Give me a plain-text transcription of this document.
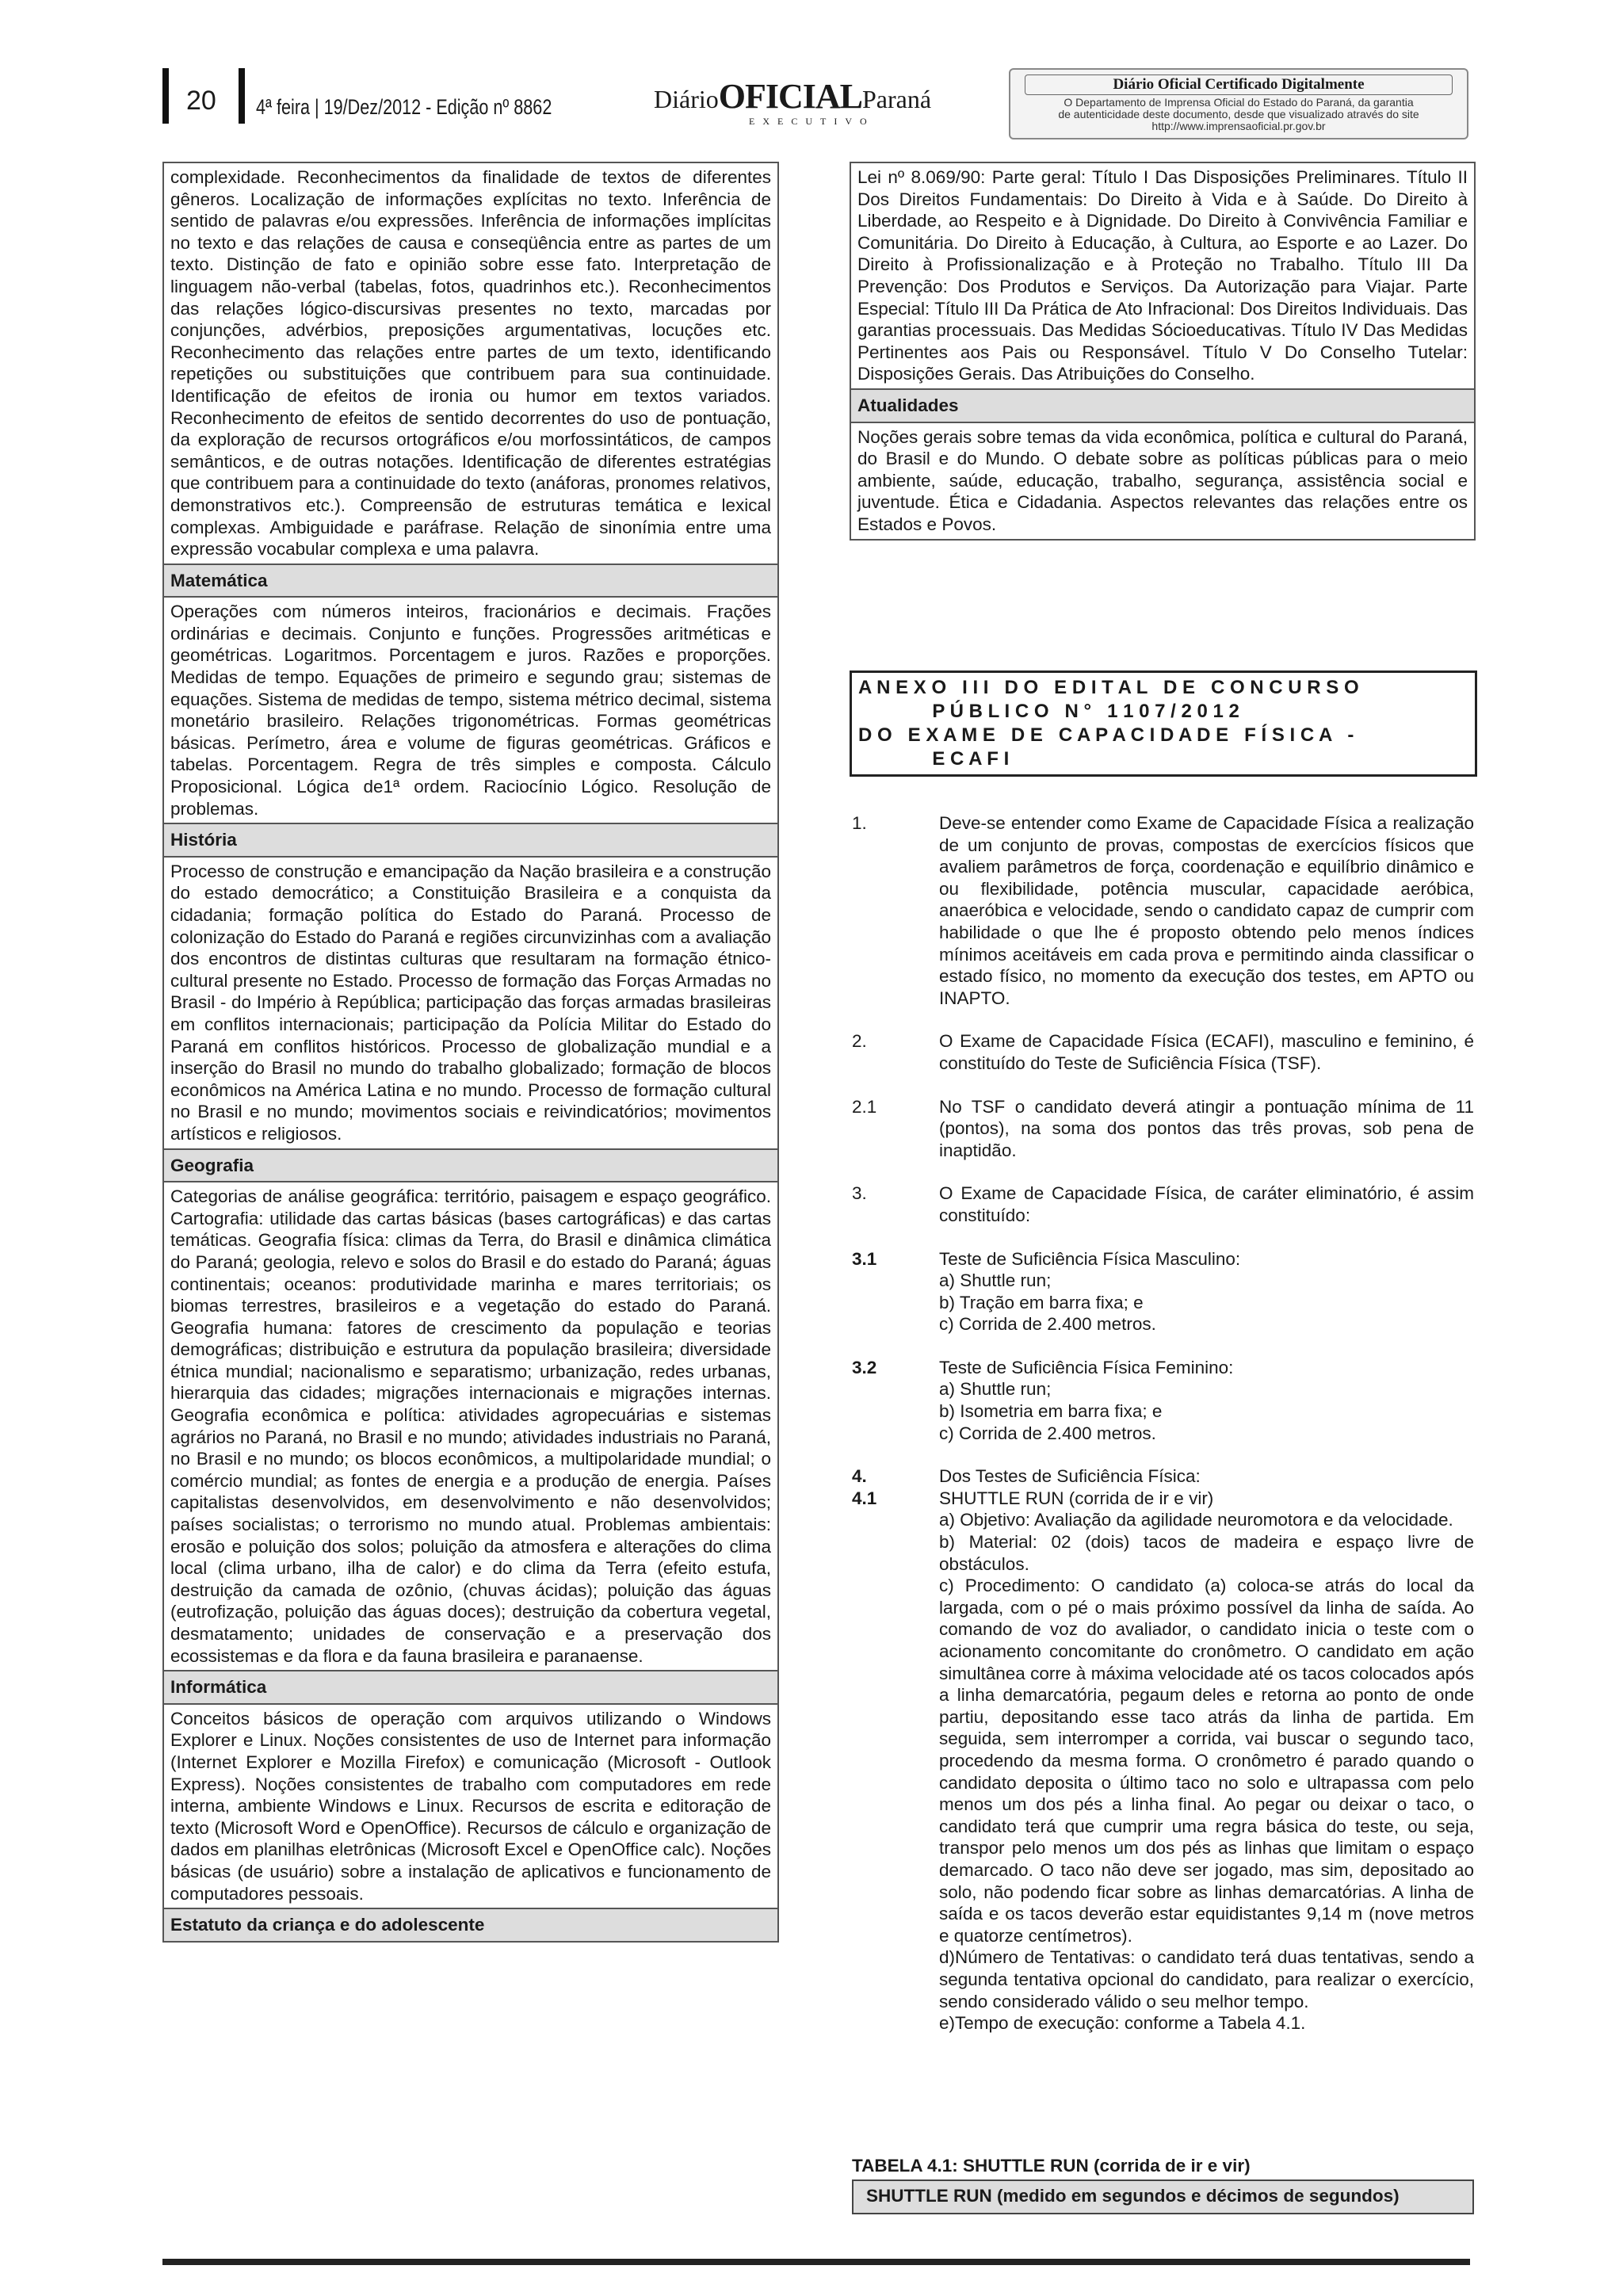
20 4ª feira | 19/Dez/2012 - Edição nº 8862	DiárioOFICIALParaná
EXECUTIVO
Diário Oficial Certificado Digitalmente
O Departamento de Imprensa Oficial do Estado do Paraná, da garantia
de autenticidade deste documento, desde que visualizado através do site
http://www.imprensaoficial.pr.gov.br
complexidade. Reconhecimentos da finalidade de textos de diferentes gêneros. Localização de informações explícitas no texto. Inferência de sentido de palavras e/ou expressões. Inferência de informações implícitas no texto e das relações de causa e conseqüência entre as partes de um texto. Distinção de fato e opinião sobre esse fato. Interpretação de linguagem não-verbal (tabelas, fotos, quadrinhos etc.). Reconhecimentos das relações lógico-discursivas presentes no texto, marcadas por conjunções, advérbios, preposições argumentativas, locuções etc. Reconhecimento das relações entre partes de um texto, identificando repetições ou substituições que contribuem para sua continuidade. Identificação de efeitos de ironia ou humor em textos variados. Reconhecimento de efeitos de sentido decorrentes do uso de pontuação, da exploração de recursos ortográficos e/ou morfossintáticos, de campos semânticos, e de outras notações. Identificação de diferentes estratégias que contribuem para a continuidade do texto (anáforas, pronomes relativos, demonstrativos etc.). Compreensão de estruturas temática e lexical complexas. Ambiguidade e paráfrase. Relação de sinonímia entre uma expressão vocabular complexa e uma palavra.
Matemática
Operações com números inteiros, fracionários e decimais. Frações ordinárias e decimais. Conjunto e funções. Progressões aritméticas e geométricas. Logaritmos. Porcentagem e juros. Razões e proporções. Medidas de tempo. Equações de primeiro e segundo grau; sistemas de equações. Sistema de medidas de tempo, sistema métrico decimal, sistema monetário brasileiro. Relações trigonométricas. Formas geométricas básicas. Perímetro, área e volume de figuras geométricas. Gráficos e tabelas. Porcentagem. Regra de três simples e composta. Cálculo Proposicional. Lógica de1ª ordem. Raciocínio Lógico. Resolução de problemas.
História
Processo de construção e emancipação da Nação brasileira e a construção do estado democrático; a Constituição Brasileira e a conquista da cidadania; formação política do Estado do Paraná. Processo de colonização do Estado do Paraná e regiões circunvizinhas com a avaliação dos encontros de distintas culturas que resultaram na formação étnico-cultural presente no Estado. Processo de formação das Forças Armadas no Brasil - do Império à República; participação das forças armadas brasileiras em conflitos internacionais; participação da Polícia Militar do Estado do Paraná em conflitos históricos. Processo de globalização mundial e a inserção do Brasil no mundo do trabalho globalizado; formação de blocos econômicos na América Latina e no mundo. Processo de formação cultural no Brasil e no mundo; movimentos sociais e reivindicatórios; movimentos artísticos e religiosos.
Geografia
Categorias de análise geográfica: território, paisagem e espaço geográfico. Cartografia: utilidade das cartas básicas (bases cartográficas) e das cartas temáticas. Geografia física: climas da Terra, do Brasil e dinâmica climática do Paraná; geologia, relevo e solos do Brasil e do estado do Paraná; águas continentais; oceanos: produtividade marinha e mares territoriais; os biomas terrestres, brasileiros e a vegetação do estado do Paraná. Geografia humana: fatores de crescimento da população e teorias demográficas; distribuição e estrutura da população brasileira; diversidade étnica mundial; nacionalismo e separatismo; urbanização, redes urbanas, hierarquia das cidades; migrações internacionais e migrações internas. Geografia econômica e política: atividades agropecuárias e sistemas agrários no Paraná, no Brasil e no mundo; atividades industriais no Paraná, no Brasil e no mundo; os blocos econômicos, a multipolaridade mundial; o comércio mundial; as fontes de energia e a produção de energia. Países capitalistas desenvolvidos, em desenvolvimento e não desenvolvidos; países socialistas; o terrorismo no mundo atual. Problemas ambientais: erosão e poluição dos solos; poluição da atmosfera e alterações do clima local (clima urbano, ilha de calor) e do clima da Terra (efeito estufa, destruição da camada de ozônio, (chuvas ácidas); poluição das águas (eutrofização, poluição das águas doces); destruição da cobertura vegetal, desmatamento; unidades de conservação e a preservação dos ecossistemas e da flora e da fauna brasileira e paranaense.
Informática
Conceitos básicos de operação com arquivos utilizando o Windows Explorer e Linux. Noções consistentes de uso de Internet para informação (Internet Explorer e Mozilla Firefox) e comunicação (Microsoft - Outlook Express). Noções consistentes de trabalho com computadores em rede interna, ambiente Windows e Linux. Recursos de escrita e editoração de texto (Microsoft Word e OpenOffice). Recursos de cálculo e organização de dados em planilhas eletrônicas (Microsoft Excel e OpenOffice calc). Noções básicas (de usuário) sobre a instalação de aplicativos e funcionamento de computadores pessoais.
Estatuto da criança e do adolescente
Lei nº 8.069/90: Parte geral: Título I Das Disposições Preliminares. Título II Dos Direitos Fundamentais: Do Direito à Vida e à Saúde. Do Direito à Liberdade, ao Respeito e à Dignidade. Do Direito à Convivência Familiar e Comunitária. Do Direito à Educação, à Cultura, ao Esporte e ao Lazer. Do Direito à Profissionalização e à Proteção no Trabalho. Título III Da Prevenção: Dos Produtos e Serviços. Da Autorização para Viajar. Parte Especial: Título III Da Prática de Ato Infracional: Dos Direitos Individuais. Das garantias processuais. Das Medidas Sócioeducativas. Título IV Das Medidas Pertinentes aos Pais ou Responsável. Título V Do Conselho Tutelar: Disposições Gerais. Das Atribuições do Conselho.
Atualidades
Noções gerais sobre temas da vida econômica, política e cultural do Paraná, do Brasil e do Mundo. O debate sobre as políticas públicas para o meio ambiente, saúde, educação, trabalho, segurança, assistência social e juventude. Ética e Cidadania. Aspectos relevantes das relações entre os Estados e Povos.
A N E X O   I I I   D O   E D I T A L   D E   C O N C U R S O
P Ú B L I C O   N °   1 1 0 7 / 2 0 1 2
D O   E X A M E   D E   C A P A C I D A D E   F Í S I C A   -
E C A F I
1.	Deve-se entender como Exame de Capacidade Física a realização de um conjunto de provas, compostas de exercícios físicos que avaliem parâmetros de força, coordenação e equilíbrio dinâmico e ou flexibilidade, potência muscular, capacidade aeróbica, anaeróbica e velocidade, sendo o candidato capaz de cumprir com habilidade o que lhe é proposto obtendo pelo menos índices mínimos aceitáveis em cada prova e permitindo ainda classificar o estado físico, no momento da execução dos testes, em APTO ou INAPTO.
2.	O Exame de Capacidade Física (ECAFI), masculino e feminino, é constituído do Teste de Suficiência Física (TSF).
2.1	No TSF o candidato deverá atingir a pontuação mínima de 11 (pontos), na soma dos pontos das três provas, sob pena de inaptidão.
3.	O Exame de Capacidade Física, de caráter eliminatório, é assim constituído:
3.1	Teste de Suficiência Física Masculino:
a) Shuttle run;
b) Tração em barra fixa; e
c) Corrida de 2.400 metros.
3.2	Teste de Suficiência Física Feminino:
a) Shuttle run;
b) Isometria em barra fixa; e
c) Corrida de 2.400 metros.
4.
4.1
Dos Testes de Suficiência Física:
SHUTTLE RUN (corrida de ir e vir)
a) Objetivo: Avaliação da agilidade neuromotora e da velocidade.
b) Material: 02 (dois) tacos de madeira e espaço livre de obstáculos.
c) Procedimento: O candidato (a) coloca-se atrás do local da largada, com o pé o mais próximo possível da linha de saída. Ao comando de voz do avaliador, o candidato inicia o teste com o acionamento concomitante do cronômetro. O candidato em ação simultânea corre à máxima velocidade até os tacos colocados após a linha demarcatória, pegaum deles e retorna ao ponto de onde partiu, depositando esse taco atrás da linha de partida. Em seguida, sem interromper a corrida, vai buscar o segundo taco, procedendo da mesma forma. O cronômetro é parado quando o candidato deposita o último taco no solo e ultrapassa com pelo menos um dos pés a linha final. Ao pegar ou deixar o taco, o candidato terá que cumprir uma regra básica do teste, ou seja, transpor pelo menos um dos pés as linhas que limitam o espaço demarcado. O taco não deve ser jogado, mas sim, depositado ao solo, não podendo ficar sobre as linhas demarcatórias. A linha de saída e os tacos deverão estar equidistantes 9,14 m (nove metros e quatorze centímetros).
d)Número de Tentativas: o candidato terá duas tentativas, sendo a segunda tentativa opcional do candidato, para realizar o exercício, sendo considerado válido o seu melhor tempo.
e)Tempo de execução: conforme a Tabela 4.1.
TABELA 4.1: SHUTTLE RUN (corrida de ir e vir)
SHUTTLE RUN (medido em segundos e décimos de segundos)
